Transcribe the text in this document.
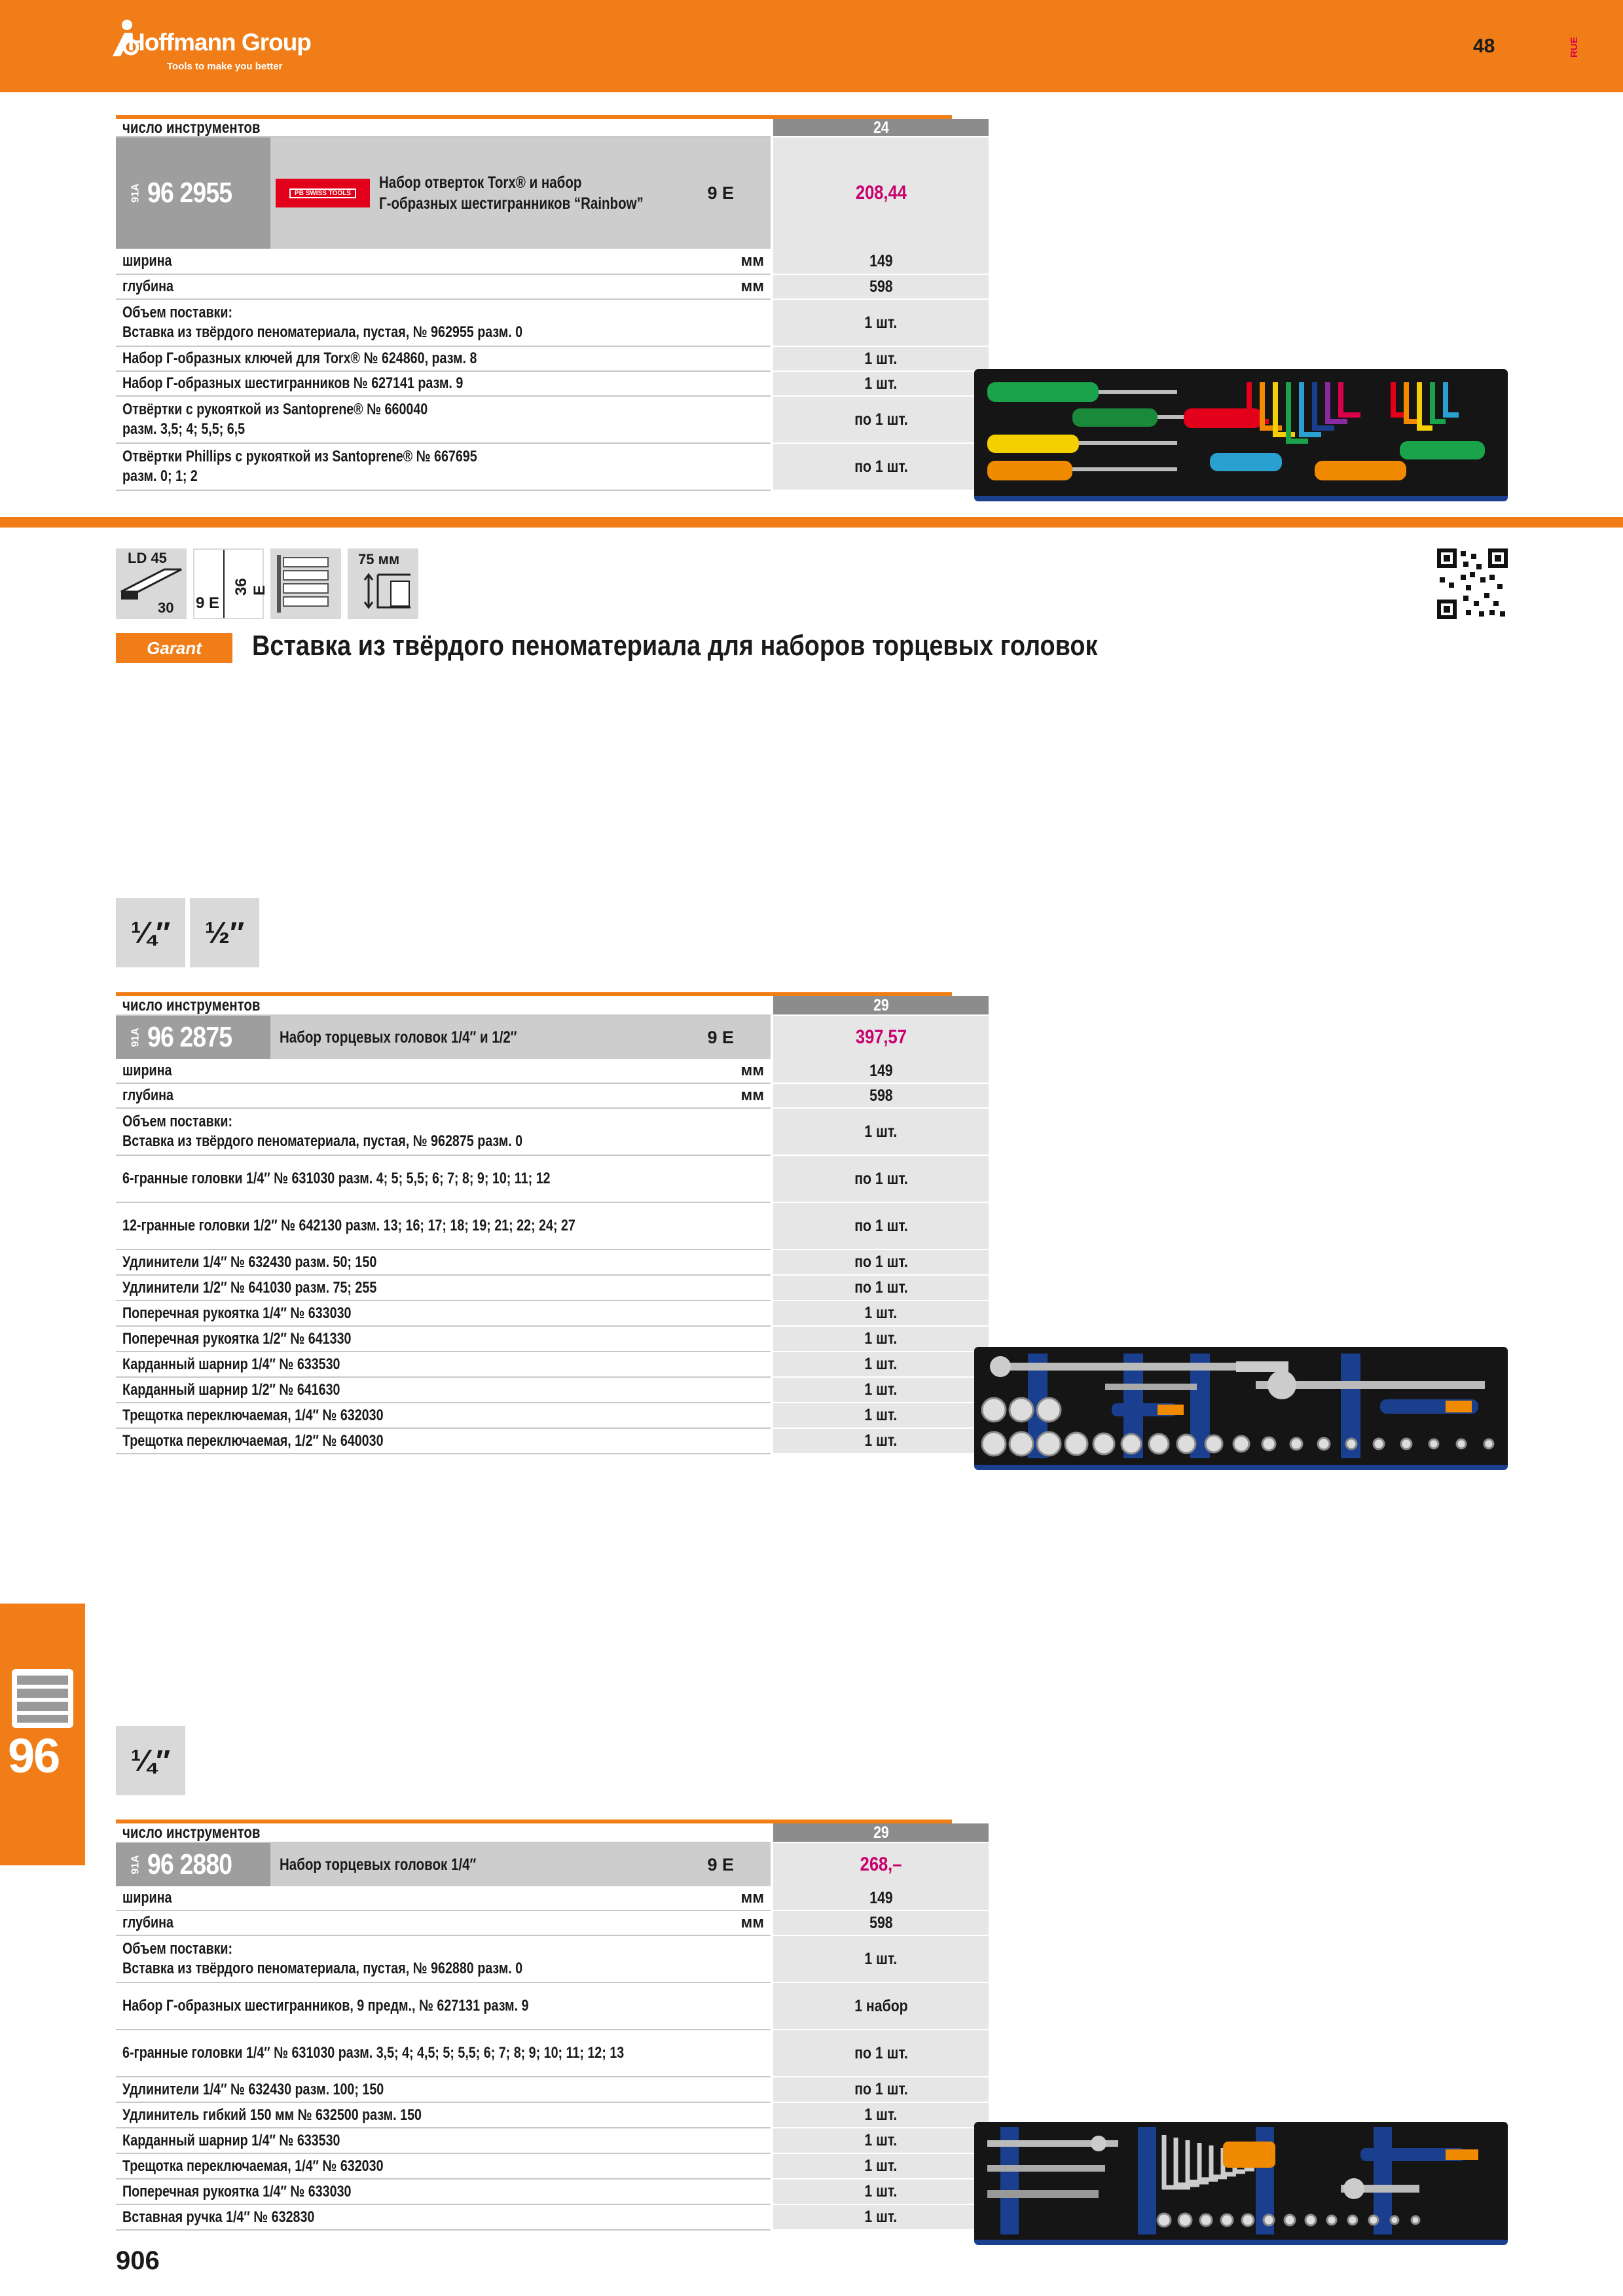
Hoffmann Group
Tools to make you better
48	RUE
число инструментов	24
91A 96 2955	PB SWISS TOOLS
Набор отверток Torx® и набор
Г-образных шестигранников “Rainbow”
9 E	208,44
ширина	мм	149
глубина	мм	598
Объем поставки:
Вставка из твёрдого пеноматериала, пустая, № 962955 разм. 0
1 шт.
Набор Г-образных ключей для Torx® № 624860, разм. 8	1 шт.
Набор Г-образных шестигранников № 627141 разм. 9	1 шт.
Отвёртки с рукояткой из Santoprene® № 660040
разм. 3,5; 4; 5,5; 6,5
по 1 шт.
Отвёртки Phillips с рукояткой из Santoprene® № 667695
разм. 0; 1; 2
по 1 шт.
LD 45
30 9 E
36 E
75 мм
Garant Вставка из твёрдого пеноматериала для наборов торцевых головок
¼″	½″
число инструментов	29
91A 96 2875	Набор торцевых головок 1/4″ и 1/2″	9 E	397,57
ширина	мм	149
глубина	мм	598
Объем поставки:
Вставка из твёрдого пеноматериала, пустая, № 962875 разм. 0
1 шт.
6-гранные головки 1/4″ № 631030 разм. 4; 5; 5,5; 6; 7; 8; 9; 10; 11; 12	по 1 шт.
12-гранные головки 1/2″ № 642130 разм. 13; 16; 17; 18; 19; 21; 22; 24; 27	по 1 шт.
Удлинители 1/4″ № 632430 разм. 50; 150	по 1 шт.
Удлинители 1/2″ № 641030 разм. 75; 255	по 1 шт.
Поперечная рукоятка 1/4″ № 633030	1 шт.
Поперечная рукоятка 1/2″ № 641330	1 шт.
Карданный шарнир 1/4″ № 633530	1 шт.
Карданный шарнир 1/2″ № 641630	1 шт.
Трещотка переключаемая, 1/4″ № 632030	1 шт.
Трещотка переключаемая, 1/2″ № 640030	1 шт.
96	¼″
число инструментов	29
91A 96 2880	Набор торцевых головок 1/4″	9 E	268,–
ширина	мм	149
глубина	мм	598
Объем поставки:
Вставка из твёрдого пеноматериала, пустая, № 962880 разм. 0
1 шт.
Набор Г-образных шестигранников, 9 предм., № 627131 разм. 9	1 набор
6-гранные головки 1/4″ № 631030 разм. 3,5; 4; 4,5; 5; 5,5; 6; 7; 8; 9; 10; 11; 12; 13	по 1 шт.
Удлинители 1/4″ № 632430 разм. 100; 150	по 1 шт.
Удлинитель гибкий 150 мм № 632500 разм. 150	1 шт.
Карданный шарнир 1/4″ № 633530	1 шт.
Трещотка переключаемая, 1/4″ № 632030	1 шт.
Поперечная рукоятка 1/4″ № 633030	1 шт.
Вставная ручка 1/4″ № 632830	1 шт.
906
